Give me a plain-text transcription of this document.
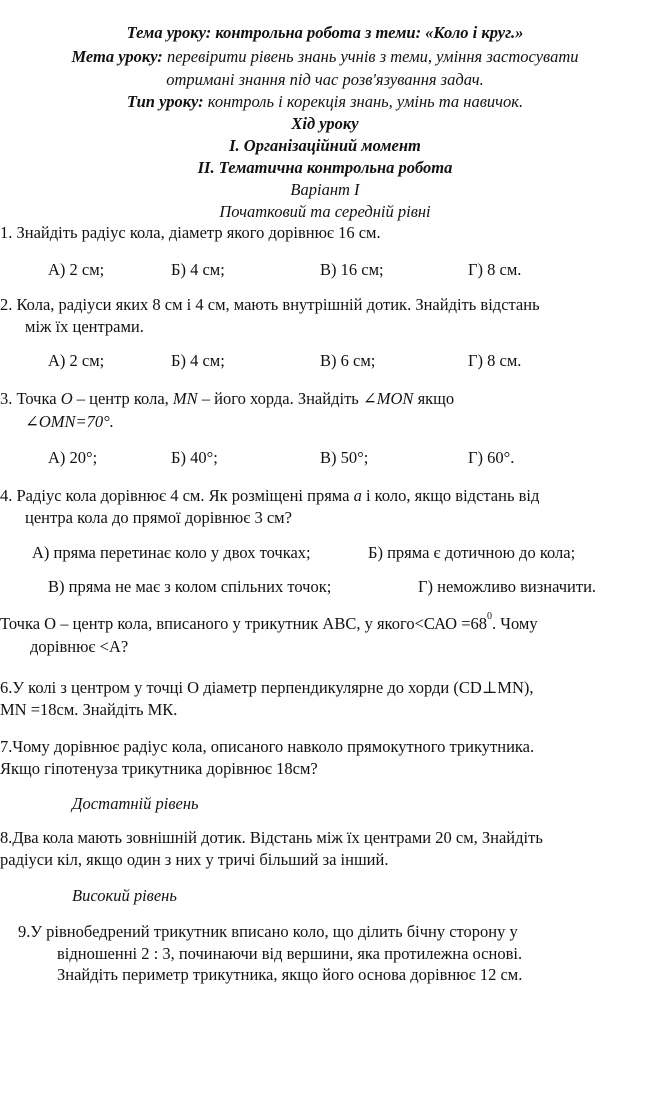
Тема уроку: контрольна робота з теми: «Коло і круг.»
Мета уроку: перевірити рівень знань учнів з теми, уміння застосувати
отримані знання під час розв'язування задач.
Тип уроку: контроль і корекція знань, умінь та навичок.
Хід уроку
І. Організаційний момент
ІІ. Тематична контрольна робота
Варіант І
Початковий та середній рівні
1. Знайдіть радіус кола, діаметр якого дорівнює 16 см.
А) 2 см;	Б) 4 см;	В) 16 см;	Г) 8 см.
2. Кола, радіуси яких 8 см і 4 см, мають внутрішній дотик. Знайдіть відстань
між їх центрами.
А) 2 см;	Б) 4 см;	В) 6 см;	Г) 8 см.
3. Точка О – центр кола, MN – його хорда. Знайдіть ∠MON якщо
∠OMN=70°.
А) 20°;	Б) 40°;	В) 50°;	Г) 60°.
4. Радіус кола дорівнює 4 см. Як розміщені пряма а і коло, якщо відстань від
центра кола до прямої дорівнює 3 см?
А) пряма перетинає коло у двох точках;	Б) пряма є дотичною до кола;
В) пряма не має з колом спільних точок;	Г) неможливо визначити.
Точка О – центр кола, вписаного у трикутник АВС, у якого<САО $=68^0$. Чому
дорівнює <А?
6.У колі з центром у точці О діаметр перпендикулярне до хорди (CD⊥MN),
MN =18см. Знайдіть МК.
7.Чому дорівнює радіус кола, описаного навколо прямокутного трикутника.
Якщо гіпотенуза трикутника дорівнює 18см?
Достатній рівень
8.Два кола мають зовнішній дотик. Відстань між їх центрами 20 см, Знайдіть
радіуси кіл, якщо один з них у тричі більший за інший.
Високий рівень
9.У рівнобедрений трикутник вписано коло, що ділить бічну сторону у
відношенні 2 : 3, починаючи від вершини, яка протилежна основі.
Знайдіть периметр трикутника, якщо його основа дорівнює 12 см.
